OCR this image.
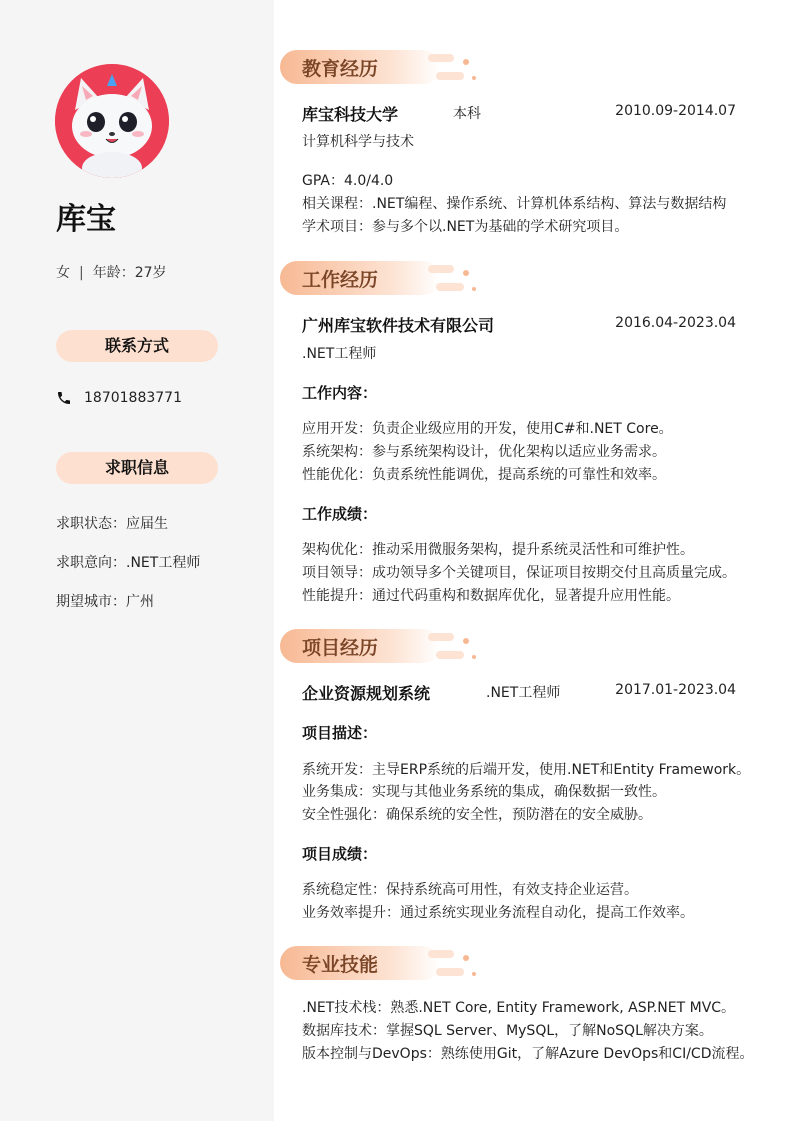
库宝
女 | 年龄：27岁
联系方式
18701883771
求职信息
求职状态：应届生
求职意向：.NET工程师
期望城市：广州
教育经历
库宝科技大学	本科	2010.09-2014.07
计算机科学与技术
GPA：4.0/4.0
相关课程：.NET编程、操作系统、计算机体系结构、算法与数据结构
学术项目：参与多个以.NET为基础的学术研究项目。
工作经历
广州库宝软件技术有限公司	2016.04-2023.04
.NET工程师
工作内容：
应用开发：负责企业级应用的开发，使用C#和.NET Core。
系统架构：参与系统架构设计，优化架构以适应业务需求。
性能优化：负责系统性能调优，提高系统的可靠性和效率。
工作成绩：
架构优化：推动采用微服务架构，提升系统灵活性和可维护性。
项目领导：成功领导多个关键项目，保证项目按期交付且高质量完成。
性能提升：通过代码重构和数据库优化，显著提升应用性能。
项目经历
企业资源规划系统	.NET工程师	2017.01-2023.04
项目描述：
系统开发：主导ERP系统的后端开发，使用.NET和Entity Framework。
业务集成：实现与其他业务系统的集成，确保数据一致性。
安全性强化：确保系统的安全性，预防潜在的安全威胁。
项目成绩：
系统稳定性：保持系统高可用性，有效支持企业运营。
业务效率提升：通过系统实现业务流程自动化，提高工作效率。
专业技能
.NET技术栈：熟悉.NET Core, Entity Framework, ASP.NET MVC。
数据库技术：掌握SQL Server、MySQL，了解NoSQL解决方案。
版本控制与DevOps：熟练使用Git，了解Azure DevOps和CI/CD流程。
